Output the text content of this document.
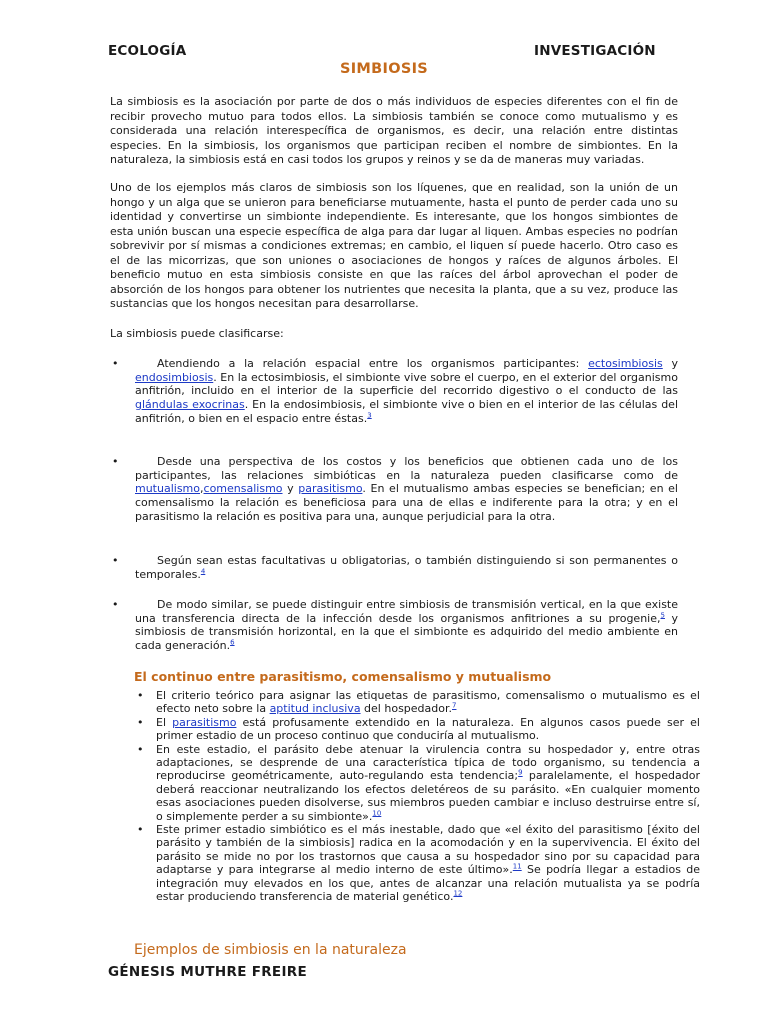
ECOLOGÍA	INVESTIGACIÓN
SIMBIOSIS
La simbiosis es la asociación por parte de dos o más individuos de especies diferentes con el fin de recibir provecho mutuo para todos ellos. La simbiosis también se conoce como mutualismo y es considerada una relación interespecífica de organismos, es decir, una relación entre distintas especies. En la simbiosis, los organismos que participan reciben el nombre de simbiontes. En la naturaleza, la simbiosis está en casi todos los grupos y reinos y se da de maneras muy variadas.
Uno de los ejemplos más claros de simbiosis son los líquenes, que en realidad, son la unión de un hongo y un alga que se unieron para beneficiarse mutuamente, hasta el punto de perder cada uno su identidad y convertirse un simbionte independiente. Es interesante, que los hongos simbiontes de esta unión buscan una especie específica de alga para dar lugar al liquen. Ambas especies no podrían sobrevivir por sí mismas a condiciones extremas; en cambio, el liquen sí puede hacerlo. Otro caso es el de las micorrizas, que son uniones o asociaciones de hongos y raíces de algunos árboles. El beneficio mutuo en esta simbiosis consiste en que las raíces del árbol aprovechan el poder de absorción de los hongos para obtener los nutrientes que necesita la planta, que a su vez, produce las sustancias que los hongos necesitan para desarrollarse.
La simbiosis puede clasificarse:
•	Atendiendo a la relación espacial entre los organismos participantes: ectosimbiosis y endosimbiosis. En la ectosimbiosis, el simbionte vive sobre el cuerpo, en el exterior del organismo anfitrión, incluido en el interior de la superficie del recorrido digestivo o el conducto de las glándulas exocrinas. En la endosimbiosis, el simbionte vive o bien en el interior de las células del anfitrión, o bien en el espacio entre éstas.$^3$
•	Desde una perspectiva de los costos y los beneficios que obtienen cada uno de los participantes, las relaciones simbióticas en la naturaleza pueden clasificarse como de mutualismo,comensalismo y parasitismo. En el mutualismo ambas especies se benefician; en el comensalismo la relación es beneficiosa para una de ellas e indiferente para la otra; y en el parasitismo la relación es positiva para una, aunque perjudicial para la otra.
•	Según sean estas facultativas u obligatorias, o también distinguiendo si son permanentes o temporales.$^4$
•	De modo similar, se puede distinguir entre simbiosis de transmisión vertical, en la que existe una transferencia directa de la infección desde los organismos anfitriones a su progenie,$^5$ y simbiosis de transmisión horizontal, en la que el simbionte es adquirido del medio ambiente en cada generación.$^6$
El continuo entre parasitismo, comensalismo y mutualismo
• El criterio teórico para asignar las etiquetas de parasitismo, comensalismo o mutualismo es el efecto neto sobre la aptitud inclusiva del hospedador.$^7$
• El parasitismo está profusamente extendido en la naturaleza. En algunos casos puede ser el primer estadio de un proceso continuo que conduciría al mutualismo.
• En este estadio, el parásito debe atenuar la virulencia contra su hospedador y, entre otras adaptaciones, se desprende de una característica típica de todo organismo, su tendencia a reproducirse geométricamente, auto-regulando esta tendencia;$^9$ paralelamente, el hospedador deberá reaccionar neutralizando los efectos deletéreos de su parásito. «En cualquier momento esas asociaciones pueden disolverse, sus miembros pueden cambiar e incluso destruirse entre sí, o simplemente perder a su simbionte».$^{10}$
• Este primer estadio simbiótico es el más inestable, dado que «el éxito del parasitismo [éxito del parásito y también de la simbiosis] radica en la acomodación y en la supervivencia. El éxito del parásito se mide no por los trastornos que causa a su hospedador sino por su capacidad para adaptarse y para integrarse al medio interno de este último».$^{11}$ Se podría llegar a estadios de integración muy elevados en los que, antes de alcanzar una relación mutualista ya se podría estar produciendo transferencia de material genético.$^{12}$
Ejemplos de simbiosis en la naturaleza
GÉNESIS MUTHRE FREIRE
